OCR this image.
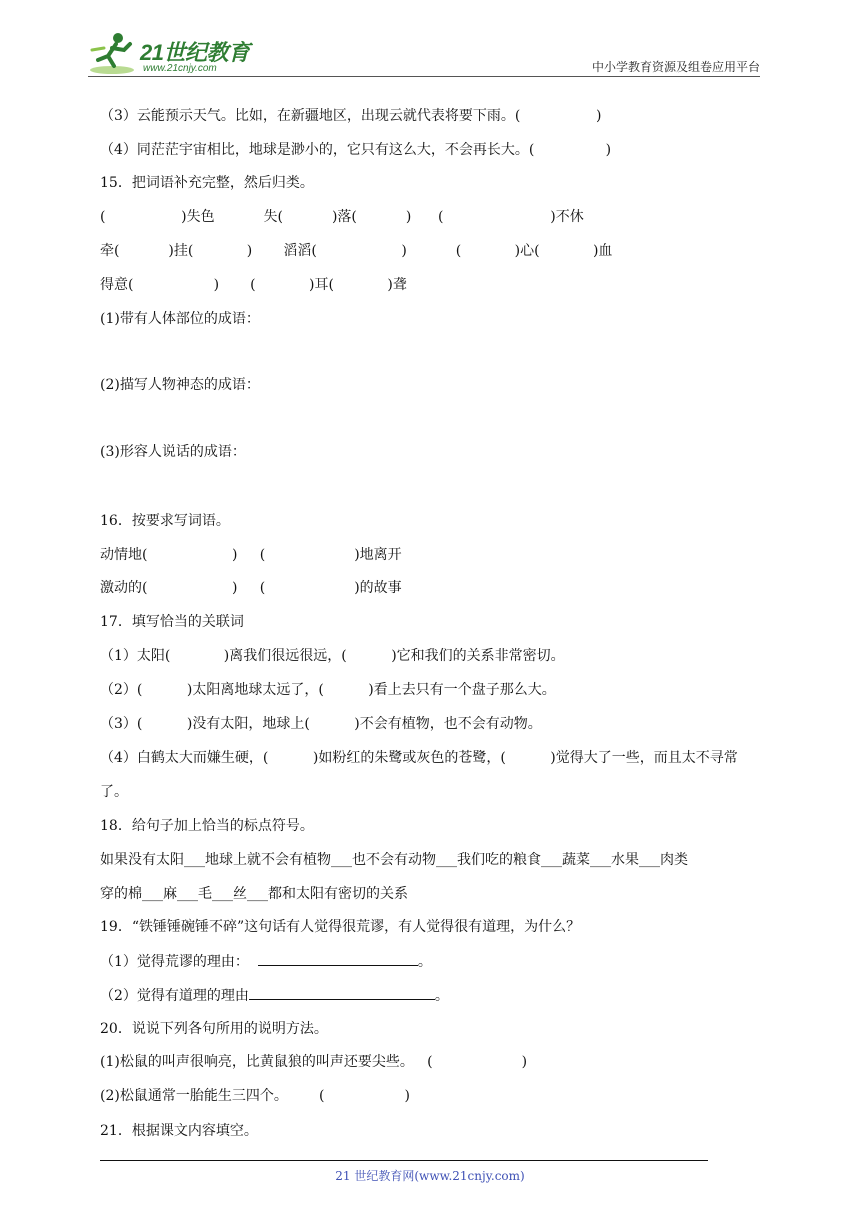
21世纪教育
www.21cnjy.com	中小学教育资源及组卷应用平台
（3）云能预示天气。比如，在新疆地区，出现云就代表将要下雨。(                 )
（4）同茫茫宇宙相比，地球是渺小的，它只有这么大，不会再长大。(                )
15．把词语补充完整，然后归类。
(                 )失色           失(           )落(           )      (                        )不休
牵(           )挂(            )       滔滔(                   )           (            )心(            )血
得意(                  )       (            )耳(            )聋
(1)带有人体部位的成语：
(2)描写人物神态的成语：
(3)形容人说话的成语：
16．按要求写词语。
动情地(                   )     (                    )地离开
激动的(                   )     (                    )的故事
17．填写恰当的关联词
（1）太阳(            )离我们很远很远，(          )它和我们的关系非常密切。
（2）(          )太阳离地球太远了，(          )看上去只有一个盘子那么大。
（3）(          )没有太阳，地球上(          )不会有植物，也不会有动物。
（4）白鹤太大而嫌生硬，(          )如粉红的朱鹭或灰色的苍鹭，(          )觉得大了一些，而且太不寻常
了。
18．给句子加上恰当的标点符号。
如果没有太阳___地球上就不会有植物___也不会有动物___我们吃的粮食___蔬菜___水果___肉类
穿的棉___麻___毛___丝___都和太阳有密切的关系
19．“铁锤锤碗锤不碎”这句话有人觉得很荒谬，有人觉得很有道理，为什么？
（1）觉得荒谬的理由：	。
（2）觉得有道理的理由	。
20．说说下列各句所用的说明方法。
(1)松鼠的叫声很响亮，比黄鼠狼的叫声还要尖些。   (                    )
(2)松鼠通常一胎能生三四个。       (                  )
21．根据课文内容填空。
21 世纪教育网(www.21cnjy.com)
